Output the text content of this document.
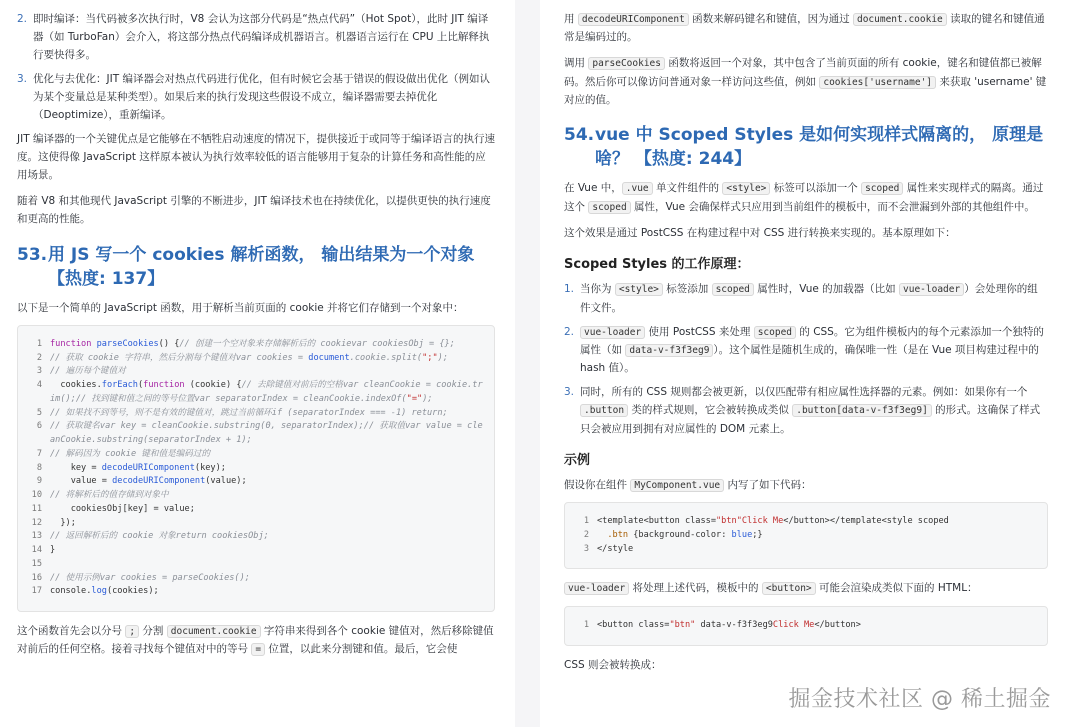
2. 即时编译：当代码被多次执行时，V8 会认为这部分代码是“热点代码”（Hot Spot），此时 JIT 编译器（如 TurboFan）会介入，将这部分热点代码编译成机器语言。机器语言运行在 CPU 上比解释执行要快得多。
3. 优化与去优化：JIT 编译器会对热点代码进行优化，但有时候它会基于错误的假设做出优化（例如认为某个变量总是某种类型）。如果后来的执行发现这些假设不成立，编译器需要去掉优化（Deoptimize），重新编译。

JIT 编译器的一个关键优点是它能够在不牺牲启动速度的情况下，提供接近于或同等于编译语言的执行速度。这使得像 JavaScript 这样原本被认为执行效率较低的语言能够用于复杂的计算任务和高性能的应用场景。

随着 V8 和其他现代 JavaScript 引擎的不断进步，JIT 编译技术也在持续优化，以提供更快的执行速度和更高的性能。

53. 用 JS 写一个 cookies 解析函数， 输出结果为一个对象 【热度: 137】

以下是一个简单的 JavaScript 函数，用于解析当前页面的 cookie 并将它们存储到一个对象中：

1 function parseCookies() {// 创建一个空对象来存储解析后的 cookievar cookiesObj = {};
2 // 获取 cookie 字符串，然后分割每个键值对var cookies = document.cookie.split(";");
3 // 遍历每个键值对
4 cookies.forEach(function (cookie) {// 去除键值对前后的空格var cleanCookie = cookie.trim();// 找到键和值之间的等号位置var separatorIndex = cleanCookie.indexOf("=");
5 // 如果找不到等号，则不是有效的键值对，跳过当前循环if (separatorIndex === -1) return;
6 // 获取键名var key = cleanCookie.substring(0, separatorIndex);// 获取值var value = cleanCookie.substring(separatorIndex + 1);
7 // 解码因为 cookie 键和值是编码过的
8 key = decodeURIComponent(key);
9 value = decodeURIComponent(value);
10 // 将解析后的值存储到对象中
11 cookiesObj[key] = value;
12 });
13 // 返回解析后的 cookie 对象return cookiesObj;
14 }
15
16 // 使用示例var cookies = parseCookies();
17 console.log(cookies);

这个函数首先会以分号 ; 分割 document.cookie 字符串来得到各个 cookie 键值对，然后移除键值对前后的任何空格。接着寻找每个键值对中的等号 = 位置，以此来分割键和值。最后，它会使

用 decodeURIComponent 函数来解码键名和键值，因为通过 document.cookie 读取的键名和键值通常是编码过的。

调用 parseCookies 函数将返回一个对象，其中包含了当前页面的所有 cookie，键名和键值都已被解码。然后你可以像访问普通对象一样访问这些值，例如 cookies['username'] 来获取 'username' 键对应的值。

54. vue 中 Scoped Styles 是如何实现样式隔离的， 原理是啥？ 【热度: 244】

在 Vue 中， .vue 单文件组件的 <style> 标签可以添加一个 scoped 属性来实现样式的隔离。通过这个 scoped 属性，Vue 会确保样式只应用到当前组件的模板中，而不会泄漏到外部的其他组件中。

这个效果是通过 PostCSS 在构建过程中对 CSS 进行转换来实现的。基本原理如下：

Scoped Styles 的工作原理：
1. 当你为 <style> 标签添加 scoped 属性时，Vue 的加载器（比如 vue-loader ）会处理你的组件文件。
2. vue-loader 使用 PostCSS 来处理 scoped 的 CSS。它为组件模板内的每个元素添加一个独特的属性（如 data-v-f3f3eg9 ）。这个属性是随机生成的，确保唯一性（是在 Vue 项目构建过程中的 hash 值）。
3. 同时，所有的 CSS 规则都会被更新，以仅匹配带有相应属性选择器的元素。例如：如果你有一个 .button 类的样式规则，它会被转换成类似 .button[data-v-f3f3eg9] 的形式。这确保了样式只会被应用到拥有对应属性的 DOM 元素上。
示例

假设你在组件 MyComponent.vue 内写了如下代码：

1 <template<button class="btn"Click Me</button></template<style scoped
2 .btn {background-color: blue;}
3 </style

vue-loader 将处理上述代码，模板中的 <button> 可能会渲染成类似下面的 HTML：

1 <button class="btn" data-v-f3f3eg9Click Me</button>

CSS 则会被转换成：

掘金技术社区 @ 稀土掘金
